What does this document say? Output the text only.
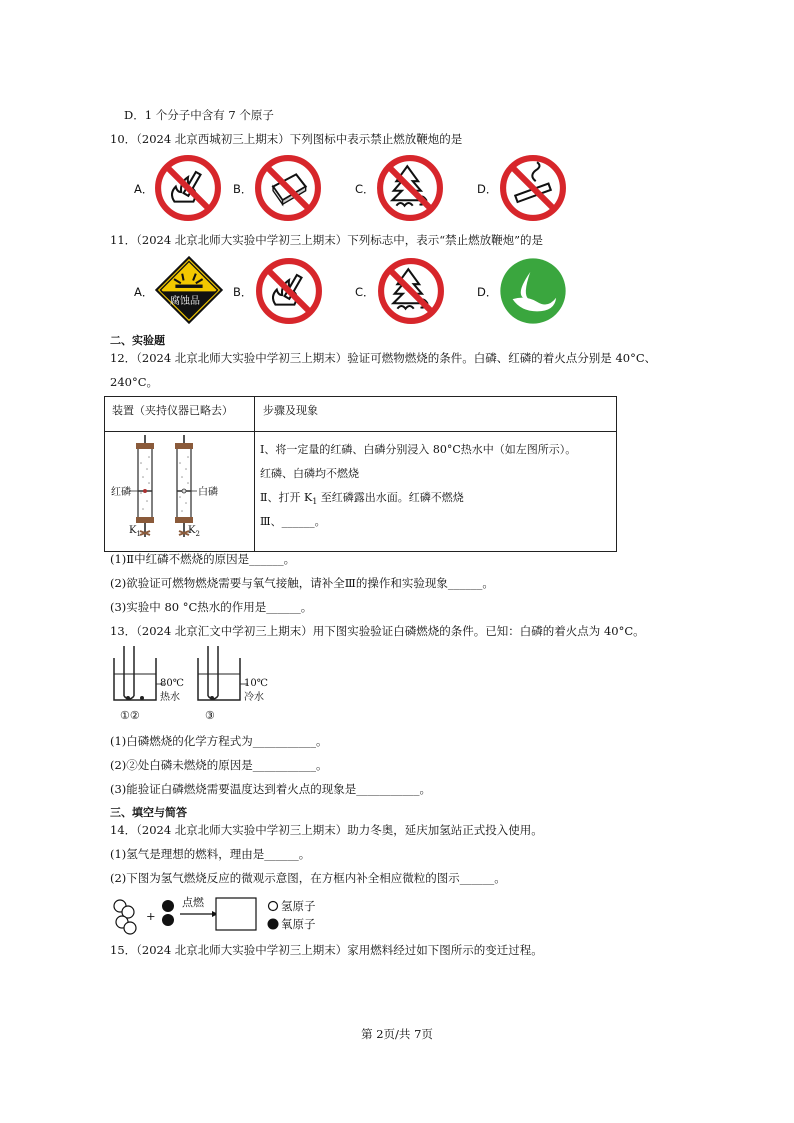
D．1 个分子中含有 7 个原子
10．（2024 北京西城初三上期末）下列图标中表示禁止燃放鞭炮的是
A．	B．	C．	D．
11．（2024 北京北师大实验中学初三上期末）下列标志中，表示“禁止燃放鞭炮”的是
A．	B．	C．	D．
腐蚀品
二、实验题
12．（2024 北京北师大实验中学初三上期末）验证可燃物燃烧的条件。白磷、红磷的着火点分别是 40°C、
240°C。
装置（夹持仪器已略去）	步骤及现象
红磷	白磷
$K_1$	$K_2$
Ⅰ、将一定量的红磷、白磷分别浸入 80°C热水中（如左图所示）。
红磷、白磷均不燃烧
Ⅱ、打开 $K_1$ 至红磷露出水面。红磷不燃烧
Ⅲ、______。
(1)Ⅱ中红磷不燃烧的原因是______。
(2)欲验证可燃物燃烧需要与氧气接触，请补全Ⅲ的操作和实验现象______。
(3)实验中 80 °C热水的作用是______。
13．（2024 北京汇文中学初三上期末）用下图实验验证白磷燃烧的条件。已知：白磷的着火点为 40°C。
80℃
热水
10℃
冷水
①②	③
(1)白磷燃烧的化学方程式为___________。
(2)②处白磷未燃烧的原因是___________。
(3)能验证白磷燃烧需要温度达到着火点的现象是___________。
三、填空与简答
14．（2024 北京北师大实验中学初三上期末）助力冬奥，延庆加氢站正式投入使用。
(1)氢气是理想的燃料，理由是______。
(2)下图为氢气燃烧反应的微观示意图，在方框内补全相应微粒的图示______。
+
点燃	氢原子
氧原子
15．（2024 北京北师大实验中学初三上期末）家用燃料经过如下图所示的变迁过程。
第 2页/共 7页
